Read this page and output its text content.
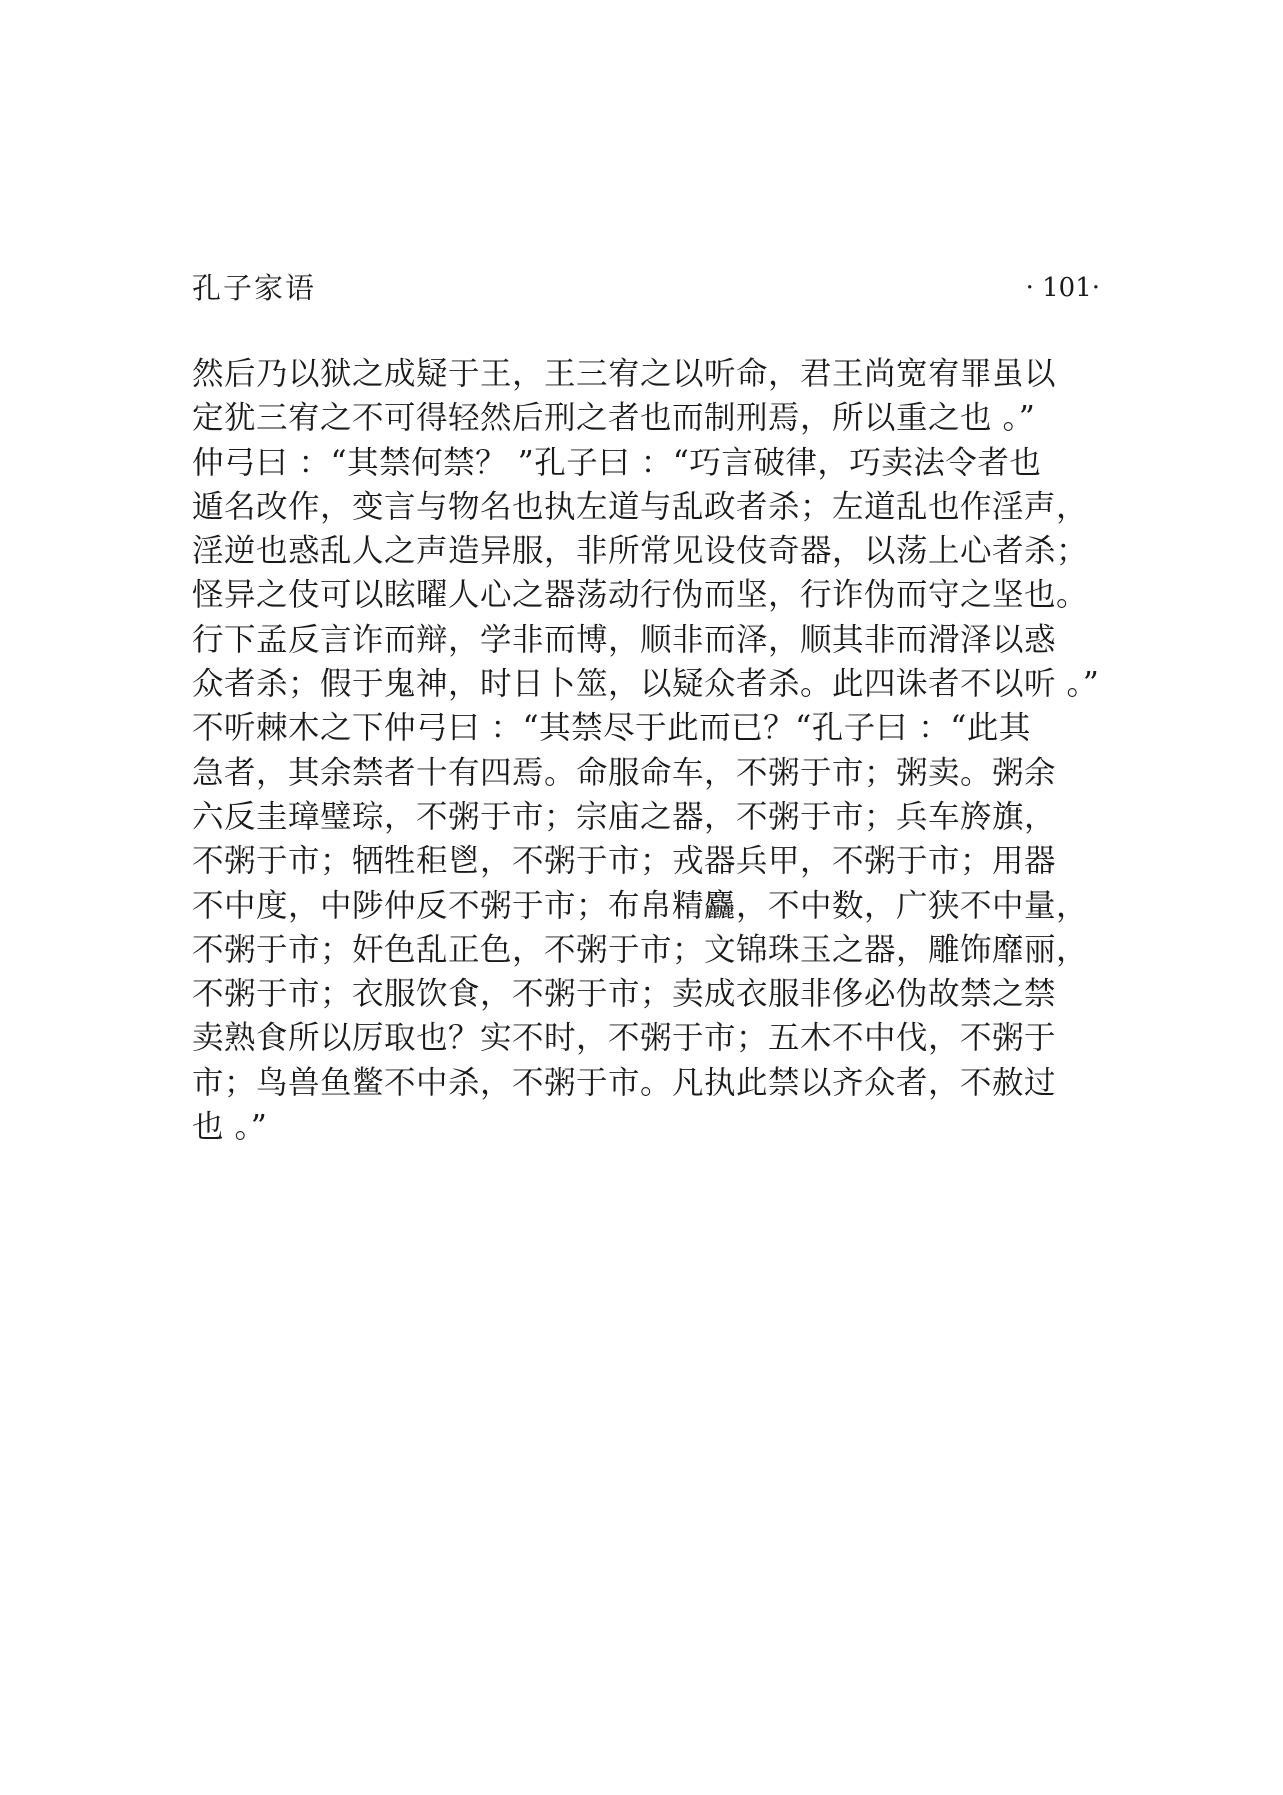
孔子家语	· 101·
然后乃以狱之成疑于王，王三宥之以听命，君王尚宽宥罪虽以
定犹三宥之不可得轻然后刑之者也而制刑焉，所以重之也 。”
仲弓曰 ：“其禁何禁？ ”孔子曰 ：“巧言破律，巧卖法令者也
遁名改作，变言与物名也执左道与乱政者杀；左道乱也作淫声，
淫逆也惑乱人之声造异服，非所常见设伎奇器，以荡上心者杀；
怪异之伎可以眩曜人心之器荡动行伪而坚，行诈伪而守之坚也。
行下孟反言诈而辩，学非而博，顺非而泽，顺其非而滑泽以惑
众者杀；假于鬼神，时日卜筮，以疑众者杀。此四诛者不以听 。”
不听棘木之下仲弓曰 ：“其禁尽于此而已？“孔子曰 ：“此其
急者，其余禁者十有四焉。命服命车，不粥于市；粥卖。粥余
六反圭璋璧琮，不粥于市；宗庙之器，不粥于市；兵车旍旗，
不粥于市；牺牲秬鬯，不粥于市；戎器兵甲，不粥于市；用器
不中度，中陟仲反不粥于市；布帛精麤，不中数，广狭不中量，
不粥于市；奸色乱正色，不粥于市；文锦珠玉之器，雕饰靡丽，
不粥于市；衣服饮食，不粥于市；卖成衣服非侈必伪故禁之禁
卖熟食所以厉取也？实不时，不粥于市；五木不中伐，不粥于
市；鸟兽鱼鳖不中杀，不粥于市。凡执此禁以齐众者，不赦过
也 。”
